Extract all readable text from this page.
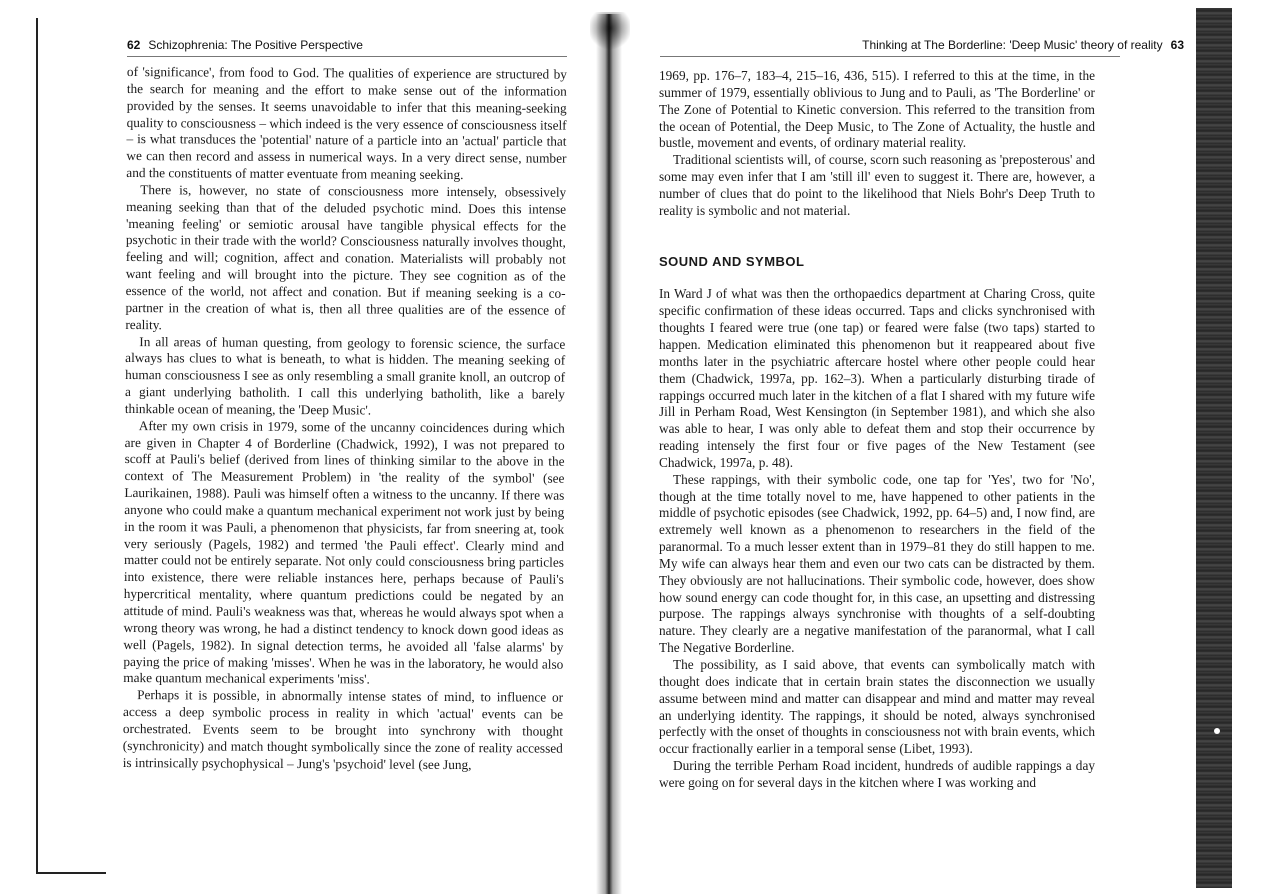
62 Schizophrenia: The Positive Perspective

of 'significance', from food to God. The qualities of experience are structured by the search for meaning and the effort to make sense out of the information provided by the senses. It seems unavoidable to infer that this meaning-seeking quality to consciousness – which indeed is the very essence of consciousness itself – is what transduces the 'potential' nature of a particle into an 'actual' particle that we can then record and assess in numerical ways. In a very direct sense, number and the constituents of matter eventuate from meaning seeking.

There is, however, no state of consciousness more intensely, obsessively meaning seeking than that of the deluded psychotic mind. Does this intense 'meaning feeling' or semiotic arousal have tangible physical effects for the psychotic in their trade with the world? Consciousness naturally involves thought, feeling and will; cognition, affect and conation. Materialists will probably not want feeling and will brought into the picture. They see cognition as of the essence of the world, not affect and conation. But if meaning seeking is a co-partner in the creation of what is, then all three qualities are of the essence of reality.

In all areas of human questing, from geology to forensic science, the surface always has clues to what is beneath, to what is hidden. The meaning seeking of human consciousness I see as only resembling a small granite knoll, an outcrop of a giant underlying batholith. I call this underlying batholith, like a barely thinkable ocean of meaning, the 'Deep Music'.

After my own crisis in 1979, some of the uncanny coincidences during which are given in Chapter 4 of Borderline (Chadwick, 1992), I was not prepared to scoff at Pauli's belief (derived from lines of thinking similar to the above in the context of The Measurement Problem) in 'the reality of the symbol' (see Laurikainen, 1988). Pauli was himself often a witness to the uncanny. If there was anyone who could make a quantum mechanical experiment not work just by being in the room it was Pauli, a phenomenon that physicists, far from sneering at, took very seriously (Pagels, 1982) and termed 'the Pauli effect'. Clearly mind and matter could not be entirely separate. Not only could consciousness bring particles into existence, there were reliable instances here, perhaps because of Pauli's hypercritical mentality, where quantum predictions could be negated by an attitude of mind. Pauli's weakness was that, whereas he would always spot when a wrong theory was wrong, he had a distinct tendency to knock down good ideas as well (Pagels, 1982). In signal detection terms, he avoided all 'false alarms' by paying the price of making 'misses'. When he was in the laboratory, he would also make quantum mechanical experiments 'miss'.

Perhaps it is possible, in abnormally intense states of mind, to influence or access a deep symbolic process in reality in which 'actual' events can be orchestrated. Events seem to be brought into synchrony with thought (synchronicity) and match thought symbolically since the zone of reality accessed is intrinsically psychophysical – Jung's 'psychoid' level (see Jung,

Thinking at The Borderline: 'Deep Music' theory of reality 63

1969, pp. 176–7, 183–4, 215–16, 436, 515). I referred to this at the time, in the summer of 1979, essentially oblivious to Jung and to Pauli, as 'The Borderline' or The Zone of Potential to Kinetic conversion. This referred to the transition from the ocean of Potential, the Deep Music, to The Zone of Actuality, the hustle and bustle, movement and events, of ordinary material reality.

Traditional scientists will, of course, scorn such reasoning as 'preposterous' and some may even infer that I am 'still ill' even to suggest it. There are, however, a number of clues that do point to the likelihood that Niels Bohr's Deep Truth to reality is symbolic and not material.

SOUND AND SYMBOL

In Ward J of what was then the orthopaedics department at Charing Cross, quite specific confirmation of these ideas occurred. Taps and clicks synchronised with thoughts I feared were true (one tap) or feared were false (two taps) started to happen. Medication eliminated this phenomenon but it reappeared about five months later in the psychiatric aftercare hostel where other people could hear them (Chadwick, 1997a, pp. 162–3). When a particularly disturbing tirade of rappings occurred much later in the kitchen of a flat I shared with my future wife Jill in Perham Road, West Kensington (in September 1981), and which she also was able to hear, I was only able to defeat them and stop their occurrence by reading intensely the first four or five pages of the New Testament (see Chadwick, 1997a, p. 48).

These rappings, with their symbolic code, one tap for 'Yes', two for 'No', though at the time totally novel to me, have happened to other patients in the middle of psychotic episodes (see Chadwick, 1992, pp. 64–5) and, I now find, are extremely well known as a phenomenon to researchers in the field of the paranormal. To a much lesser extent than in 1979–81 they do still happen to me. My wife can always hear them and even our two cats can be distracted by them. They obviously are not hallucinations. Their symbolic code, however, does show how sound energy can code thought for, in this case, an upsetting and distressing purpose. The rappings always synchronise with thoughts of a self-doubting nature. They clearly are a negative manifestation of the paranormal, what I call The Negative Borderline.

The possibility, as I said above, that events can symbolically match with thought does indicate that in certain brain states the disconnection we usually assume between mind and matter can disappear and mind and matter may reveal an underlying identity. The rappings, it should be noted, always synchronised perfectly with the onset of thoughts in consciousness not with brain events, which occur fractionally earlier in a temporal sense (Libet, 1993).

During the terrible Perham Road incident, hundreds of audible rappings a day were going on for several days in the kitchen where I was working and
